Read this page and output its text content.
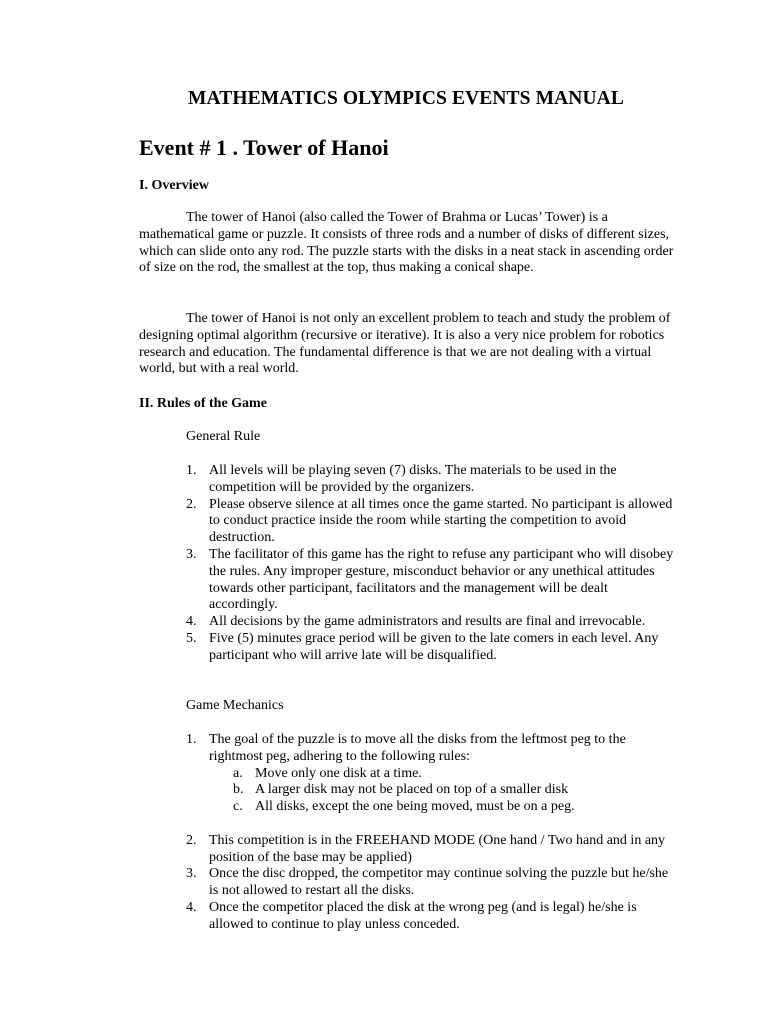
MATHEMATICS OLYMPICS EVENTS MANUAL
Event # 1 . Tower of Hanoi
I. Overview

The tower of Hanoi (also called the Tower of Brahma or Lucas’ Tower) is a mathematical game or puzzle. It consists of three rods and a number of disks of different sizes, which can slide onto any rod. The puzzle starts with the disks in a neat stack in ascending order of size on the rod, the smallest at the top, thus making a conical shape.

The tower of Hanoi is not only an excellent problem to teach and study the problem of designing optimal algorithm (recursive or iterative). It is also a very nice problem for robotics research and education. The fundamental difference is that we are not dealing with a virtual world, but with a real world.

II. Rules of the Game
General Rule
1. All levels will be playing seven (7) disks. The materials to be used in the competition will be provided by the organizers.
2. Please observe silence at all times once the game started. No participant is allowed to conduct practice inside the room while starting the competition to avoid destruction.
3. The facilitator of this game has the right to refuse any participant who will disobey the rules. Any improper gesture, misconduct behavior or any unethical attitudes towards other participant, facilitators and the management will be dealt accordingly.
4. All decisions by the game administrators and results are final and irrevocable.
5. Five (5) minutes grace period will be given to the late comers in each level. Any participant who will arrive late will be disqualified.
Game Mechanics
1. The goal of the puzzle is to move all the disks from the leftmost peg to the rightmost peg, adhering to the following rules:
a. Move only one disk at a time.
b. A larger disk may not be placed on top of a smaller disk
c. All disks, except the one being moved, must be on a peg.
2. This competition is in the FREEHAND MODE (One hand / Two hand and in any position of the base may be applied)
3. Once the disc dropped, the competitor may continue solving the puzzle but he/she is not allowed to restart all the disks.
4. Once the competitor placed the disk at the wrong peg (and is legal) he/she is allowed to continue to play unless conceded.
